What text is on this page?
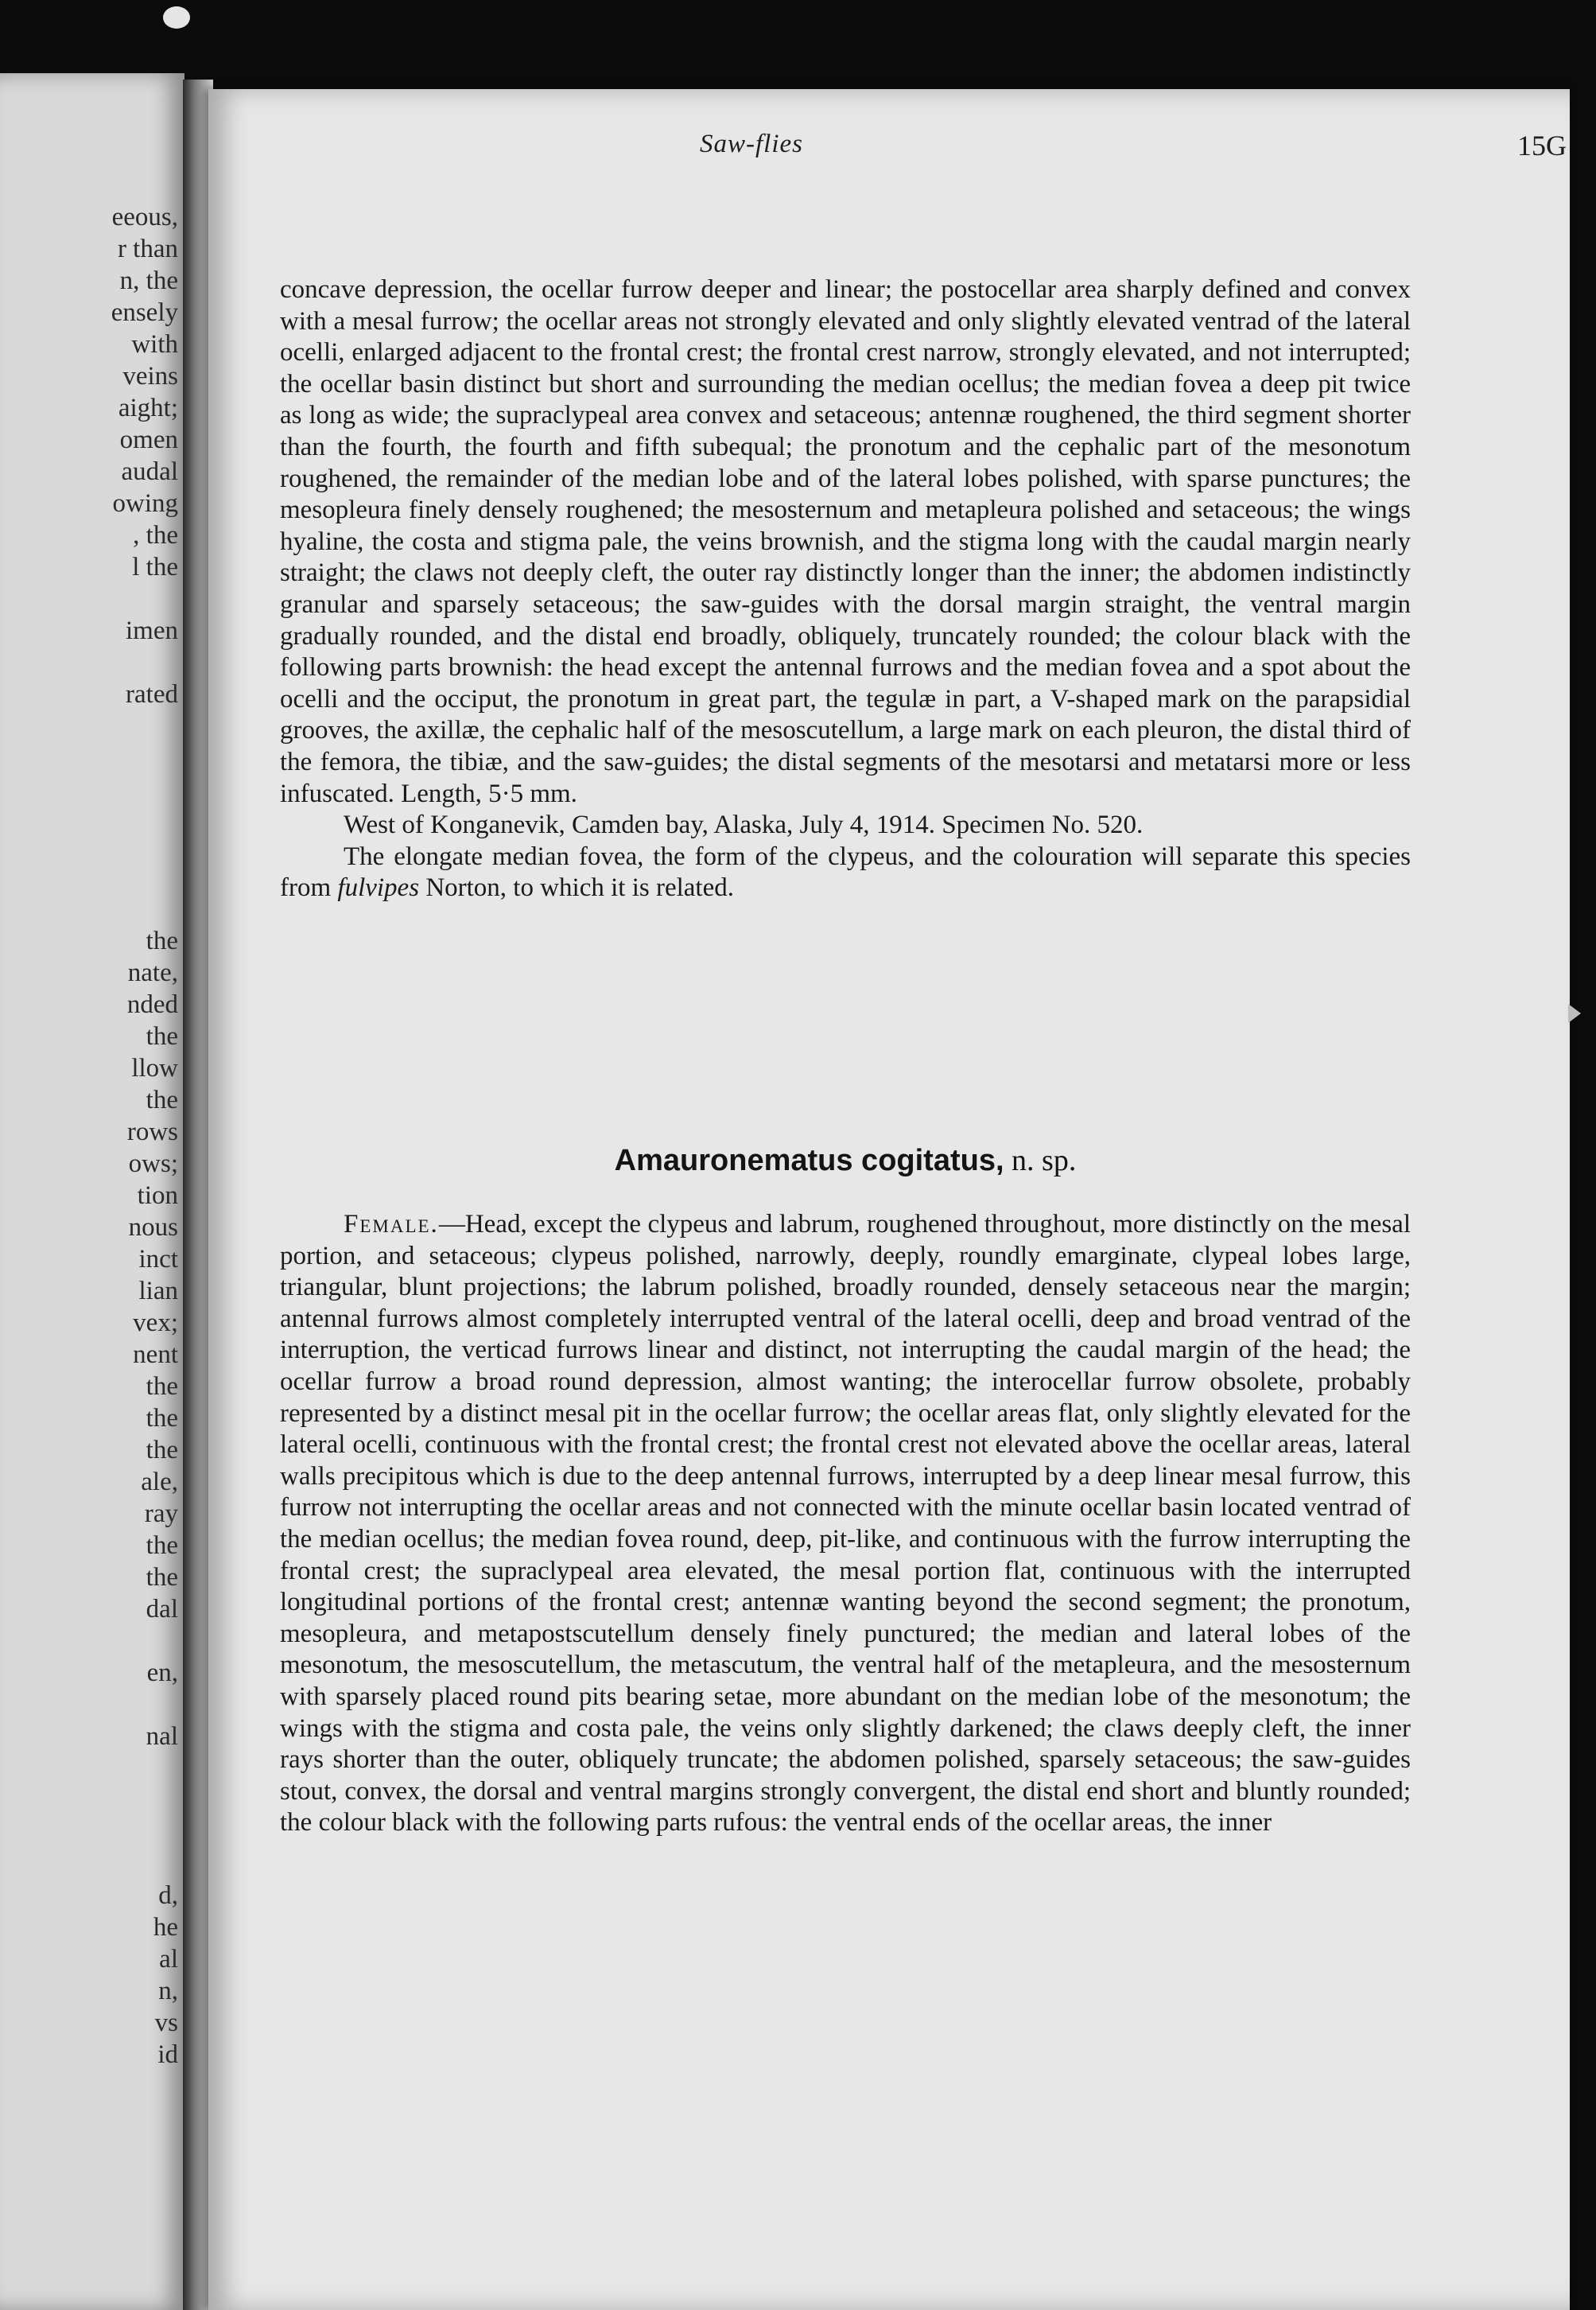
eeous,
r than
n, the
ensely
with
veins
aight;
omen
audal
owing
, the
l the
imen
rated
the
nate,
nded
the
llow
the
rows
ows;
tion
nous
inct
lian
vex;
nent
the
the
the
ale,
ray
the
the
dal
en,
nal
d,
he
al
n,
vs
id
Saw-flies	15G

concave depression, the ocellar furrow deeper and linear; the postocellar area sharply defined and convex with a mesal furrow; the ocellar areas not strongly elevated and only slightly elevated ventrad of the lateral ocelli, enlarged adjacent to the frontal crest; the frontal crest narrow, strongly elevated, and not interrupted; the ocellar basin distinct but short and surrounding the median ocellus; the median fovea a deep pit twice as long as wide; the supraclypeal area convex and setaceous; antennæ roughened, the third segment shorter than the fourth, the fourth and fifth subequal; the pronotum and the cephalic part of the mesonotum roughened, the remainder of the median lobe and of the lateral lobes polished, with sparse punctures; the mesopleura finely densely roughened; the mesosternum and metapleura polished and setaceous; the wings hyaline, the costa and stigma pale, the veins brownish, and the stigma long with the caudal margin nearly straight; the claws not deeply cleft, the outer ray distinctly longer than the inner; the abdomen indistinctly granular and sparsely setaceous; the saw-guides with the dorsal margin straight, the ventral margin gradually rounded, and the distal end broadly, obliquely, truncately rounded; the colour black with the following parts brownish: the head except the antennal furrows and the median fovea and a spot about the ocelli and the occiput, the pronotum in great part, the tegulæ in part, a V-shaped mark on the parapsidial grooves, the axillæ, the cephalic half of the mesoscutellum, a large mark on each pleuron, the distal third of the femora, the tibiæ, and the saw-guides; the distal segments of the mesotarsi and metatarsi more or less infuscated. Length, 5·5 mm.

West of Konganevik, Camden bay, Alaska, July 4, 1914. Specimen No. 520.

The elongate median fovea, the form of the clypeus, and the colouration will separate this species from fulvipes Norton, to which it is related.

Amauronematus cogitatus, n. sp.

Female.—Head, except the clypeus and labrum, roughened throughout, more distinctly on the mesal portion, and setaceous; clypeus polished, narrowly, deeply, roundly emarginate, clypeal lobes large, triangular, blunt projections; the labrum polished, broadly rounded, densely setaceous near the margin; antennal furrows almost completely interrupted ventral of the lateral ocelli, deep and broad ventrad of the interruption, the verticad furrows linear and distinct, not interrupting the caudal margin of the head; the ocellar furrow a broad round depression, almost wanting; the interocellar furrow obsolete, probably represented by a distinct mesal pit in the ocellar furrow; the ocellar areas flat, only slightly elevated for the lateral ocelli, continuous with the frontal crest; the frontal crest not elevated above the ocellar areas, lateral walls precipitous which is due to the deep antennal furrows, interrupted by a deep linear mesal furrow, this furrow not interrupting the ocellar areas and not connected with the minute ocellar basin located ventrad of the median ocellus; the median fovea round, deep, pit-like, and continuous with the furrow interrupting the frontal crest; the supraclypeal area elevated, the mesal portion flat, continuous with the interrupted longitudinal portions of the frontal crest; antennæ wanting beyond the second segment; the pronotum, mesopleura, and metapostscutellum densely finely punctured; the median and lateral lobes of the mesonotum, the mesoscutellum, the metascutum, the ventral half of the metapleura, and the mesosternum with sparsely placed round pits bearing setae, more abundant on the median lobe of the mesonotum; the wings with the stigma and costa pale, the veins only slightly darkened; the claws deeply cleft, the inner rays shorter than the outer, obliquely truncate; the abdomen polished, sparsely setaceous; the saw-guides stout, convex, the dorsal and ventral margins strongly convergent, the distal end short and bluntly rounded; the colour black with the following parts rufous: the ventral ends of the ocellar areas, the inner
